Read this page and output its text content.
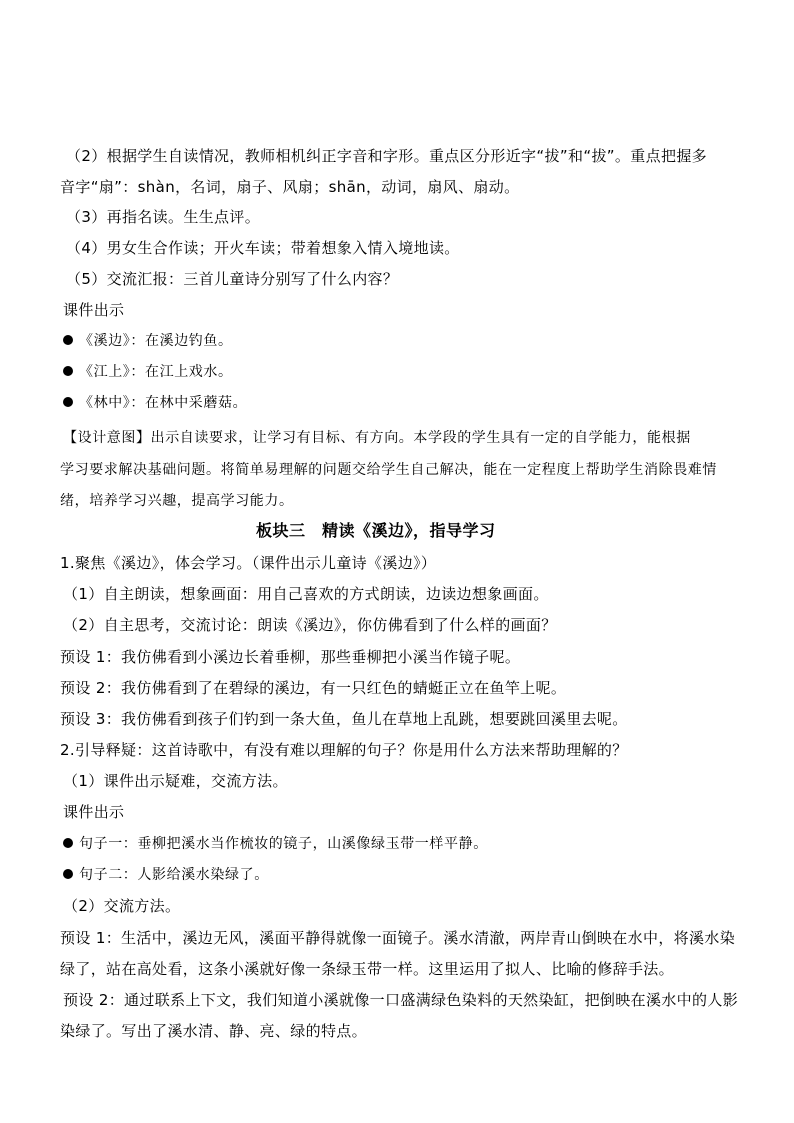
（2）根据学生自读情况，教师相机纠正字音和字形。重点区分形近字“拔”和“拔”。重点把握多
音字“扇”：shàn，名词，扇子、风扇；shān，动词，扇风、扇动。
（3）再指名读。生生点评。
（4）男女生合作读；开火车读；带着想象入情入境地读。
（5）交流汇报：三首儿童诗分别写了什么内容？
课件出示
《溪边》：在溪边钓鱼。
《江上》：在江上戏水。
《林中》：在林中采蘑菇。
【设计意图】出示自读要求，让学习有目标、有方向。本学段的学生具有一定的自学能力，能根据
学习要求解决基础问题。将简单易理解的问题交给学生自己解决，能在一定程度上帮助学生消除畏难情
绪，培养学习兴趣，提高学习能力。
板块三　精读《溪边》，指导学习
1.聚焦《溪边》，体会学习。（课件出示儿童诗《溪边》）
（1）自主朗读，想象画面：用自己喜欢的方式朗读，边读边想象画面。
（2）自主思考，交流讨论：朗读《溪边》，你仿佛看到了什么样的画面？
预设 1：我仿佛看到小溪边长着垂柳，那些垂柳把小溪当作镜子呢。
预设 2：我仿佛看到了在碧绿的溪边，有一只红色的蜻蜓正立在鱼竿上呢。
预设 3：我仿佛看到孩子们钓到一条大鱼，鱼儿在草地上乱跳，想要跳回溪里去呢。
2.引导释疑：这首诗歌中，有没有难以理解的句子？你是用什么方法来帮助理解的？
（1）课件出示疑难，交流方法。
课件出示
句子一：垂柳把溪水当作梳妆的镜子，山溪像绿玉带一样平静。
句子二：人影给溪水染绿了。
（2）交流方法。
预设 1：生活中，溪边无风，溪面平静得就像一面镜子。溪水清澈，两岸青山倒映在水中，将溪水染
绿了，站在高处看，这条小溪就好像一条绿玉带一样。这里运用了拟人、比喻的修辞手法。
预设 2：通过联系上下文，我们知道小溪就像一口盛满绿色染料的天然染缸，把倒映在溪水中的人影
染绿了。写出了溪水清、静、亮、绿的特点。
